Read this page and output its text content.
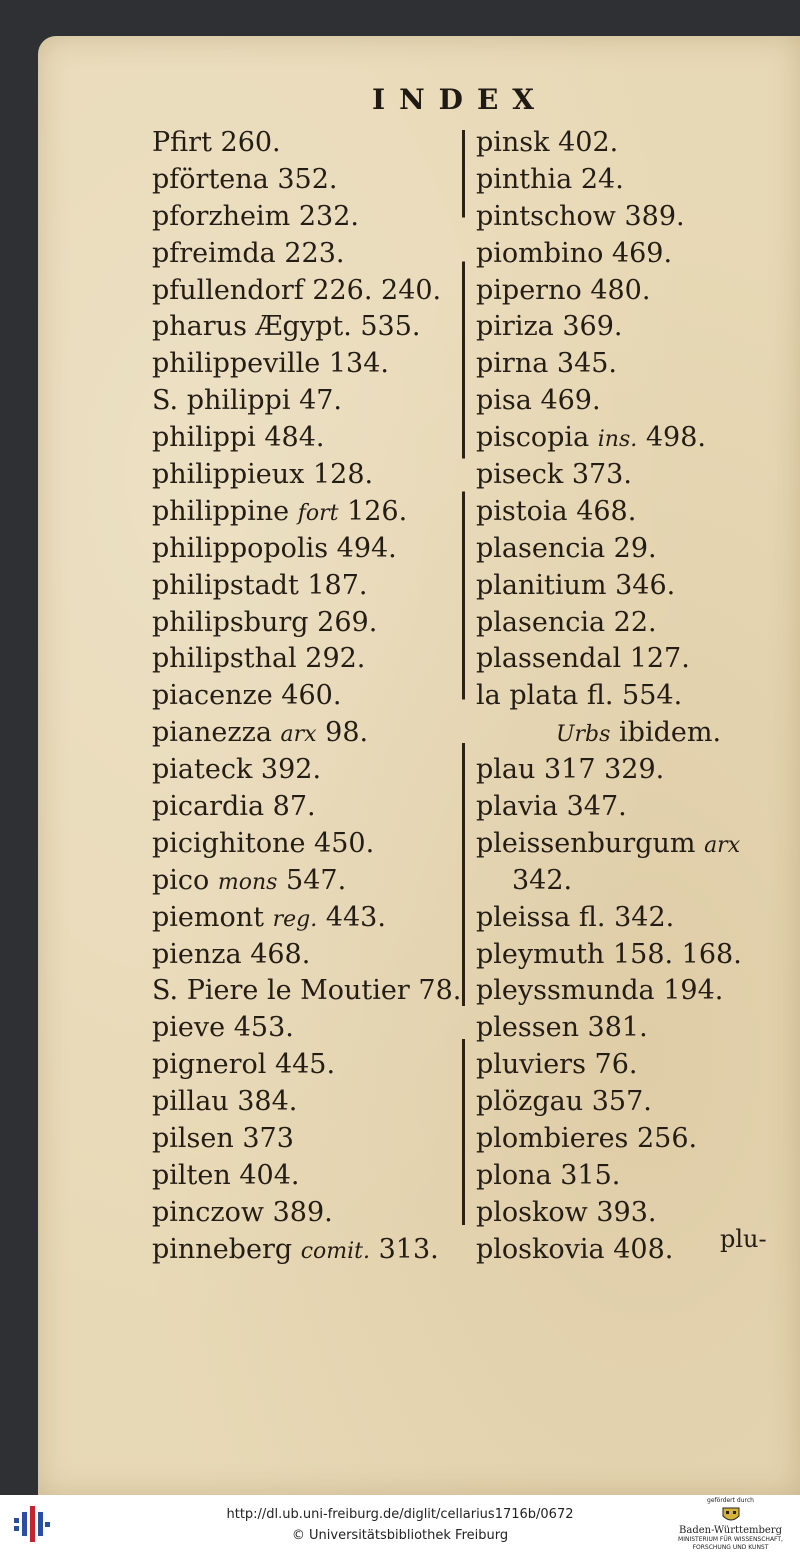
INDEX
Pfirt 260.
pförtena 352.
pforzheim 232.
pfreimda 223.
pfullendorf 226. 240.
pharus Ægypt. 535.
philippeville 134.
S. philippi 47.
philippi 484.
philippieux 128.
philippine fort 126.
philippopolis 494.
philipstadt 187.
philipsburg 269.
philipsthal 292.
piacenze 460.
pianezza arx 98.
piateck 392.
picardia 87.
picighitone 450.
pico mons 547.
piemont reg. 443.
pienza 468.
S. Piere le Moutier 78.
pieve 453.
pignerol 445.
pillau 384.
pilsen 373
pilten 404.
pinczow 389.
pinneberg comit. 313.
pinsk 402.
pinthia 24.
pintschow 389.
piombino 469.
piperno 480.
piriza 369.
pirna 345.
pisa 469.
piscopia ins. 498.
piseck 373.
pistoia 468.
plasencia 29.
planitium 346.
plasencia 22.
plassendal 127.
la plata fl. 554.
Urbs ibidem.
plau 317 329.
plavia 347.
pleissenburgum arx
342.
pleissa fl. 342.
pleymuth 158. 168.
pleyssmunda 194.
plessen 381.
pluviers 76.
plözgau 357.
plombieres 256.
plona 315.
ploskow 393.
ploskovia 408.	plu-
http://dl.ub.uni-freiburg.de/diglit/cellarius1716b/0672
© Universitätsbibliothek Freiburg
gefördert durch
Baden-Württemberg
MINISTERIUM FÜR WISSENSCHAFT, FORSCHUNG UND KUNST
